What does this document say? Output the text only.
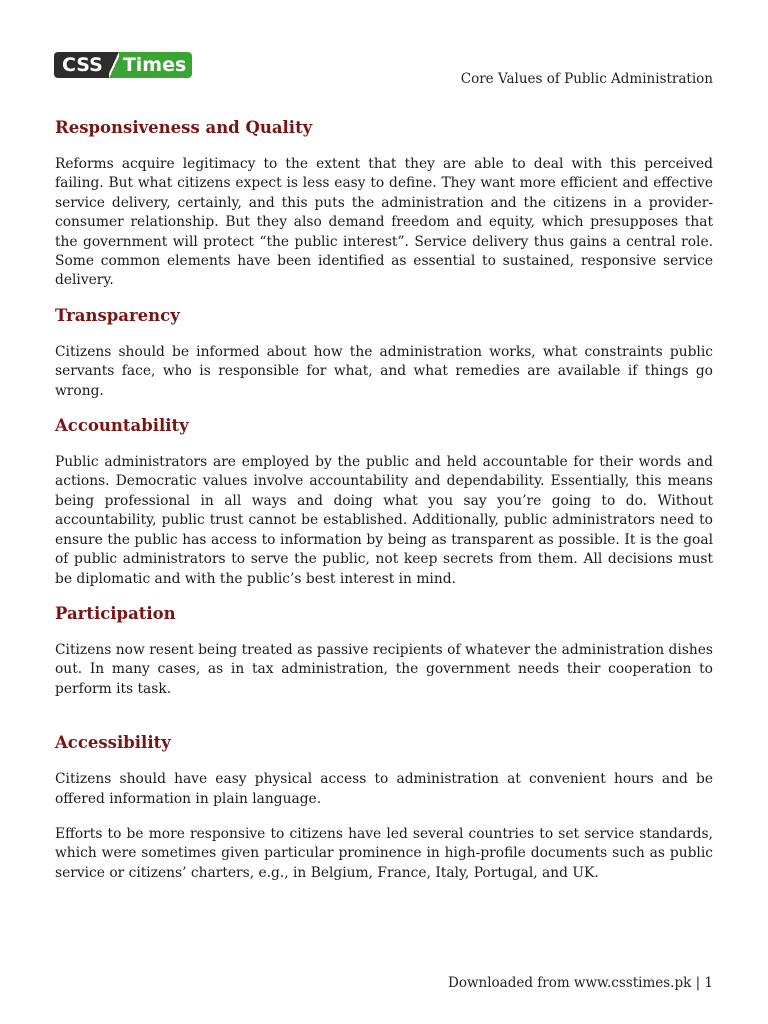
CSS	Times
Core Values of Public Administration
Responsiveness and Quality

Reforms acquire legitimacy to the extent that they are able to deal with this perceived failing. But what citizens expect is less easy to define. They want more efficient and effective service delivery, certainly, and this puts the administration and the citizens in a provider-consumer relationship. But they also demand freedom and equity, which presupposes that the government will protect “the public interest”. Service delivery thus gains a central role. Some common elements have been identified as essential to sustained, responsive service delivery.

Transparency

Citizens should be informed about how the administration works, what constraints public servants face, who is responsible for what, and what remedies are available if things go wrong.

Accountability

Public administrators are employed by the public and held accountable for their words and actions. Democratic values involve accountability and dependability. Essentially, this means being professional in all ways and doing what you say you’re going to do. Without accountability, public trust cannot be established. Additionally, public administrators need to ensure the public has access to information by being as transparent as possible. It is the goal of public administrators to serve the public, not keep secrets from them. All decisions must be diplomatic and with the public’s best interest in mind.

Participation

Citizens now resent being treated as passive recipients of whatever the administration dishes out. In many cases, as in tax administration, the government needs their cooperation to perform its task.

Accessibility

Citizens should have easy physical access to administration at convenient hours and be offered information in plain language.

Efforts to be more responsive to citizens have led several countries to set service standards, which were sometimes given particular prominence in high-profile documents such as public service or citizens’ charters, e.g., in Belgium, France, Italy, Portugal, and UK.

Downloaded from www.csstimes.pk | 1
